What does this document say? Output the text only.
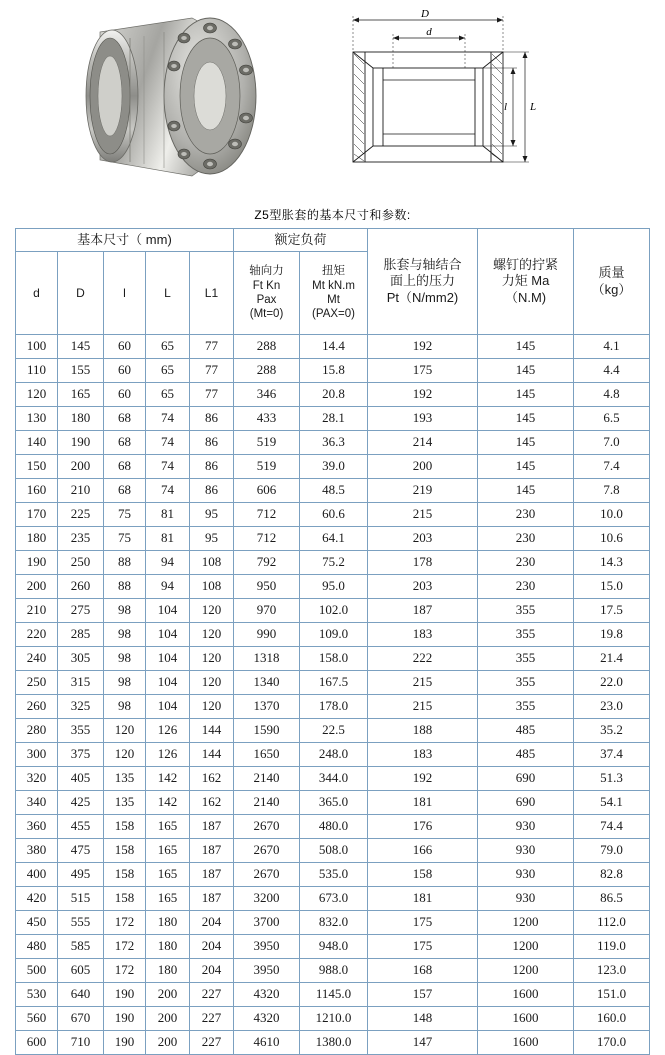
D
d
L
l
Z5型胀套的基本尺寸和参数:
基本尺寸（ mm)					额定负荷		胀套与轴结合
面上的压力
Pt（N/mm2)	螺钉的拧紧
力矩 Ma
（N.M)	质量
（kg）

d	D	l	L	L1	轴向力
Ft Kn
Pax
(Mt=0)	扭矩
Mt kN.m
Mt
(PAX=0)			

100	145	60	65	77	288	14.4	192	145	4.1
110	155	60	65	77	288	15.8	175	145	4.4
120	165	60	65	77	346	20.8	192	145	4.8
130	180	68	74	86	433	28.1	193	145	6.5
140	190	68	74	86	519	36.3	214	145	7.0
150	200	68	74	86	519	39.0	200	145	7.4
160	210	68	74	86	606	48.5	219	145	7.8
170	225	75	81	95	712	60.6	215	230	10.0
180	235	75	81	95	712	64.1	203	230	10.6
190	250	88	94	108	792	75.2	178	230	14.3
200	260	88	94	108	950	95.0	203	230	15.0
210	275	98	104	120	970	102.0	187	355	17.5
220	285	98	104	120	990	109.0	183	355	19.8
240	305	98	104	120	1318	158.0	222	355	21.4
250	315	98	104	120	1340	167.5	215	355	22.0
260	325	98	104	120	1370	178.0	215	355	23.0
280	355	120	126	144	1590	22.5	188	485	35.2
300	375	120	126	144	1650	248.0	183	485	37.4
320	405	135	142	162	2140	344.0	192	690	51.3
340	425	135	142	162	2140	365.0	181	690	54.1
360	455	158	165	187	2670	480.0	176	930	74.4
380	475	158	165	187	2670	508.0	166	930	79.0
400	495	158	165	187	2670	535.0	158	930	82.8
420	515	158	165	187	3200	673.0	181	930	86.5
450	555	172	180	204	3700	832.0	175	1200	112.0
480	585	172	180	204	3950	948.0	175	1200	119.0
500	605	172	180	204	3950	988.0	168	1200	123.0
530	640	190	200	227	4320	1145.0	157	1600	151.0
560	670	190	200	227	4320	1210.0	148	1600	160.0
600	710	190	200	227	4610	1380.0	147	1600	170.0
